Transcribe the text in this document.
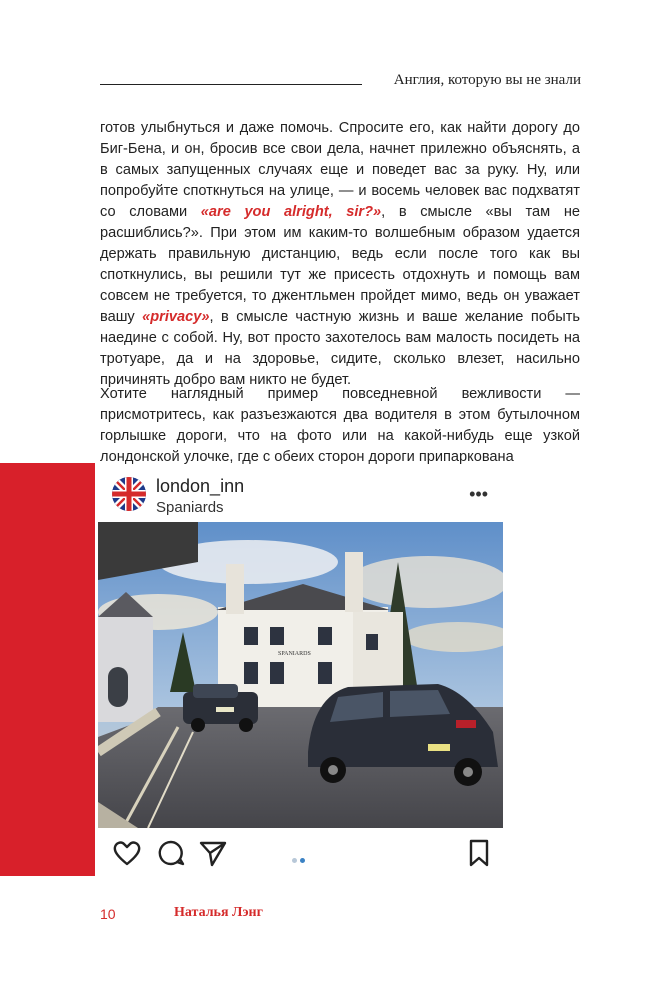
Англия, которую вы не знали
готов улыбнуться и даже помочь. Спросите его, как найти дорогу до Биг-Бена, и он, бросив все свои дела, начнет прилежно объяснять, а в самых запущенных случаях еще и поведет вас за руку. Ну, или попробуйте споткнуться на улице, — и восемь человек вас подхватят со словами «are you alright, sir?», в смысле «вы там не расшиблись?». При этом им каким-то волшебным образом удается держать правильную дистанцию, ведь если после того как вы споткнулись, вы решили тут же присесть отдохнуть и помощь вам совсем не требуется, то джентльмен пройдет мимо, ведь он уважает вашу «privacy», в смысле частную жизнь и ваше желание побыть наедине с собой. Ну, вот просто захотелось вам малость посидеть на тротуаре, да и на здоровье, сидите, сколько влезет, насильно причинять добро вам никто не будет.
Хотите наглядный пример повседневной вежливости — присмотритесь, как разъезжаются два водителя в этом бутылочном горлышке дороги, что на фото или на какой-нибудь еще узкой лондонской улочке, где с обеих сторон дороги припаркована
london_inn
Spaniards
•••
SPANIARDS
10	Наталья Лэнг
